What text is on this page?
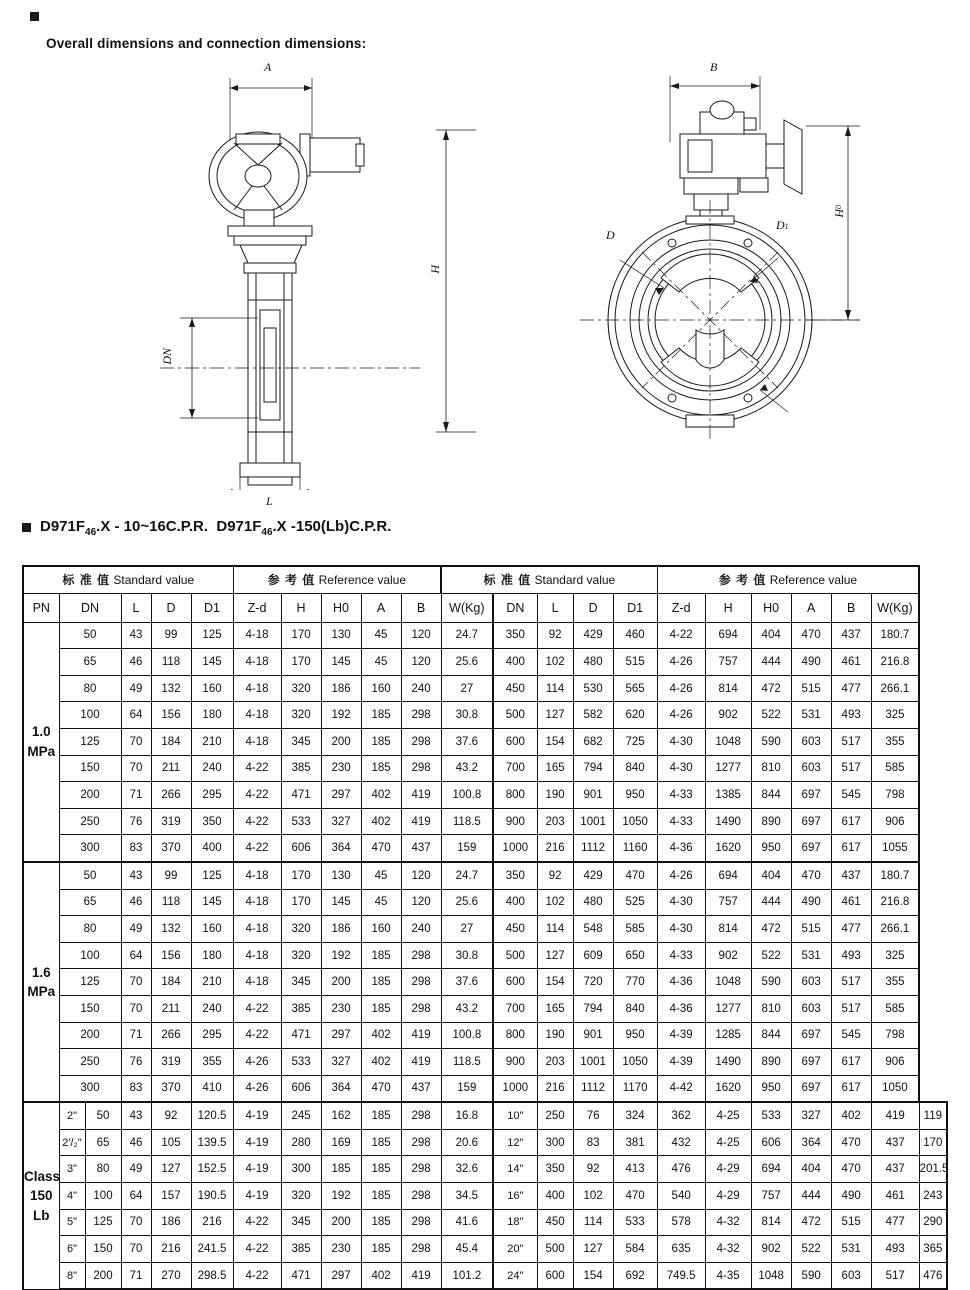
Overall dimensions and connection dimensions:
A
DN
L
H
B
H0
D
D1
$D971F_{46}.X$ - 10~16C.P.R.  $D971F_{46}.X$ -150(Lb)C.P.R.
标 准 值 Standard value						参 考 值 Reference value					标 准 值 Standard value					参 考 值 Reference value						
PN	DN		L	D	D1	Z-d	H	H0	A	B	W(Kg)	DN	L	D	D1	Z-d	H	H0	A	B	W(Kg)	
1.0
MPa	50		43	99	125	4-18	170	130	45	120	24.7	350	92	429	460	4-22	694	404	470	437	180.7	
	65		46	118	145	4-18	170	145	45	120	25.6	400	102	480	515	4-26	757	444	490	461	216.8	
	80		49	132	160	4-18	320	186	160	240	27	450	114	530	565	4-26	814	472	515	477	266.1	
	100		64	156	180	4-18	320	192	185	298	30.8	500	127	582	620	4-26	902	522	531	493	325	
	125		70	184	210	4-18	345	200	185	298	37.6	600	154	682	725	4-30	1048	590	603	517	355	
	150		70	211	240	4-22	385	230	185	298	43.2	700	165	794	840	4-30	1277	810	603	517	585	
	200		71	266	295	4-22	471	297	402	419	100.8	800	190	901	950	4-33	1385	844	697	545	798	
	250		76	319	350	4-22	533	327	402	419	118.5	900	203	1001	1050	4-33	1490	890	697	617	906	
	300		83	370	400	4-22	606	364	470	437	159	1000	216	1112	1160	4-36	1620	950	697	617	1055	
1.6
MPa	50		43	99	125	4-18	170	130	45	120	24.7	350	92	429	470	4-26	694	404	470	437	180.7	
	65		46	118	145	4-18	170	145	45	120	25.6	400	102	480	525	4-30	757	444	490	461	216.8	
	80		49	132	160	4-18	320	186	160	240	27	450	114	548	585	4-30	814	472	515	477	266.1	
	100		64	156	180	4-18	320	192	185	298	30.8	500	127	609	650	4-33	902	522	531	493	325	
	125		70	184	210	4-18	345	200	185	298	37.6	600	154	720	770	4-36	1048	590	603	517	355	
	150		70	211	240	4-22	385	230	185	298	43.2	700	165	794	840	4-36	1277	810	603	517	585	
	200		71	266	295	4-22	471	297	402	419	100.8	800	190	901	950	4-39	1285	844	697	545	798	
	250		76	319	355	4-26	533	327	402	419	118.5	900	203	1001	1050	4-39	1490	890	697	617	906	
	300		83	370	410	4-26	606	364	470	437	159	1000	216	1112	1170	4-42	1620	950	697	617	1050	
Class
150
Lb	2"	50	43	92	120.5	4-19	245	162	185	298	16.8	10"	250	76	324	362	4-25	533	327	402	419	119
	2'/₂"	65	46	105	139.5	4-19	280	169	185	298	20.6	12"	300	83	381	432	4-25	606	364	470	437	170
	3"	80	49	127	152.5	4-19	300	185	185	298	32.6	14"	350	92	413	476	4-29	694	404	470	437	201.5
	4"	100	64	157	190.5	4-19	320	192	185	298	34.5	16"	400	102	470	540	4-29	757	444	490	461	243
	5"	125	70	186	216	4-22	345	200	185	298	41.6	18"	450	114	533	578	4-32	814	472	515	477	290
	6"	150	70	216	241.5	4-22	385	230	185	298	45.4	20"	500	127	584	635	4-32	902	522	531	493	365
	8"	200	71	270	298.5	4-22	471	297	402	419	101.2	24"	600	154	692	749.5	4-35	1048	590	603	517	476
